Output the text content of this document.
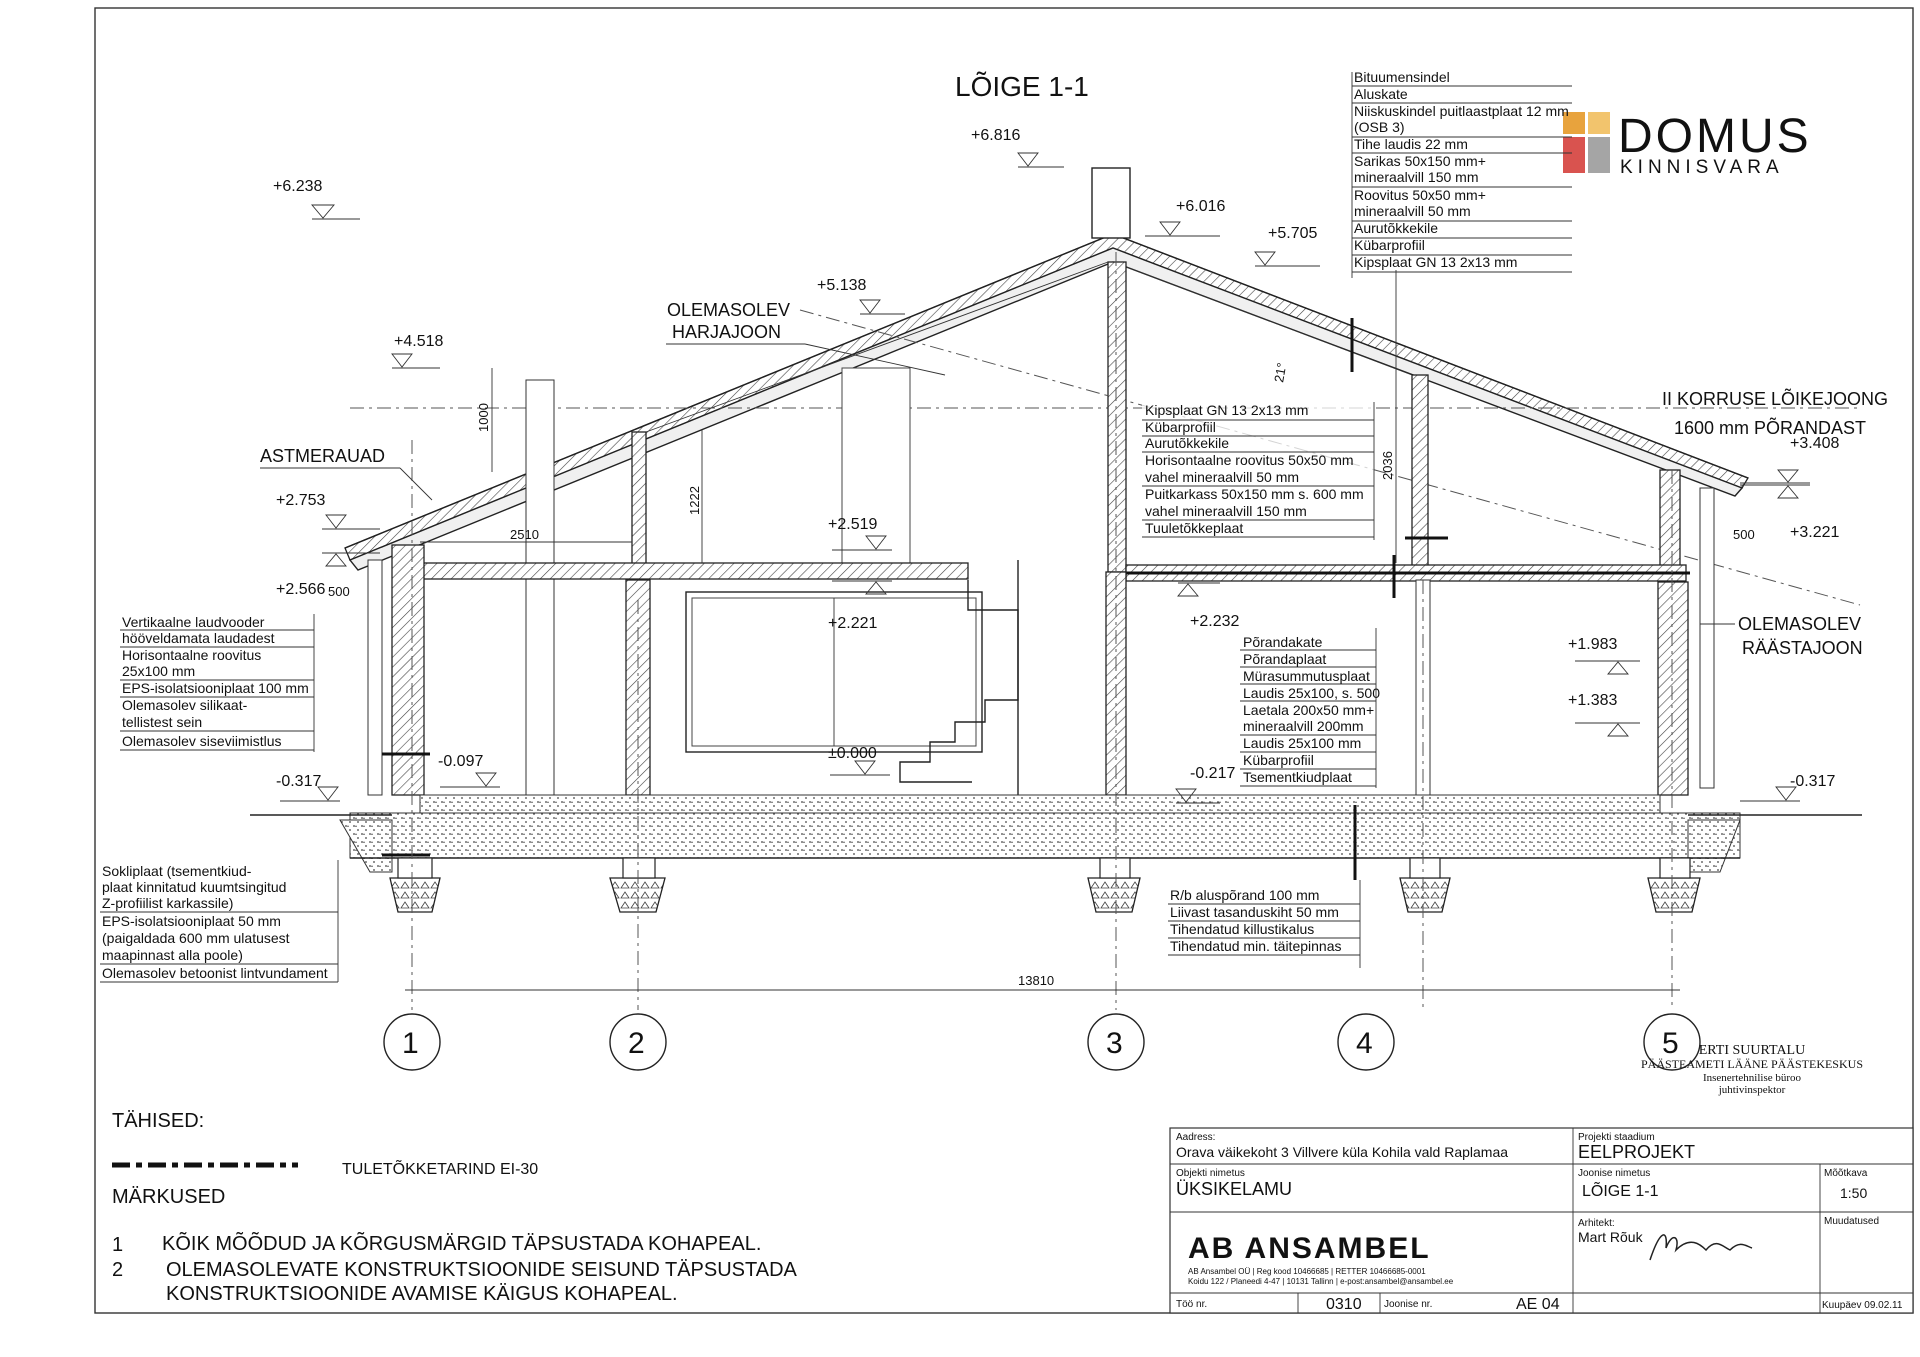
13810
1	2	3	4	5
LÕIGE 1-1
DOMUS
KINNISVARA
+6.238
+6.816
+6.016
+5.705
+5.138
+4.518
+3.408
+3.221
+2.753
+2.566
+2.519
+2.221	+2.232
+1.983
+1.383
-0.097
-0.317	-0.317
-0.217
±0.000
1000
1222
2036
2510
500
500
21°
OLEMASOLEV
HARJAJOON
ASTMERAUAD
II KORRUSE LÕIKEJOONG
1600 mm PÕRANDAST
OLEMASOLEV
RÄÄSTAJOON
Bituumensindel
Aluskate
Niiskuskindel puitlaastplaat 12 mm
(OSB 3)
Tihe laudis 22 mm
Sarikas 50x150 mm+
mineraalvill 150 mm
Roovitus 50x50 mm+
mineraalvill 50 mm
Aurutõkkekile
Kübarprofiil
Kipsplaat GN 13 2x13 mm
Kipsplaat GN 13 2x13 mm
Kübarprofiil
Aurutõkkekile
Horisontaalne roovitus 50x50 mm
vahel mineraalvill 50 mm
Puitkarkass 50x150 mm s. 600 mm
vahel mineraalvill 150 mm
Tuuletõkkeplaat
Põrandakate
Põrandaplaat
Mürasummutusplaat
Laudis 25x100, s. 500
Laetala 200x50 mm+
mineraalvill 200mm
Laudis 25x100 mm
Kübarprofiil
Tsementkiudplaat
R/b aluspõrand 100 mm
Liivast tasanduskiht 50 mm
Tihendatud killustikalus
Tihendatud min. täitepinnas
Vertikaalne laudvooder
hööveldamata laudadest
Horisontaalne roovitus
25x100 mm
EPS-isolatsiooniplaat 100 mm
Olemasolev silikaat-
tellistest sein
Olemasolev siseviimistlus
Sokliplaat (tsementkiud-
plaat kinnitatud kuumtsingitud
Z-profiilist karkassile)
EPS-isolatsiooniplaat 50 mm
(paigaldada 600 mm ulatusest
maapinnast alla poole)
Olemasolev betoonist lintvundament
ERTI SUURTALU
PÄÄSTEAMETI LÄÄNE PÄÄSTEKESKUS
Insenertehnilise büroo
juhtivinspektor
TÄHISED:
TULETÕKKETARIND EI-30
MÄRKUSED
1 KÕIK MÕÕDUD JA KÕRGUSMÄRGID TÄPSUSTADA KOHAPEAL.
2 OLEMASOLEVATE KONSTRUKTSIOONIDE SEISUND TÄPSUSTADA
KONSTRUKTSIOONIDE AVAMISE KÄIGUS KOHAPEAL.
Aadress:
Orava väikekoht 3 Villvere küla Kohila vald Raplamaa
Projekti staadium
EELPROJEKT
Objekti nimetus
ÜKSIKELAMU
Joonise nimetus
LÕIGE 1-1
Mõõtkava
1:50
Arhitekt:
Mart Rõuk
Muudatused
AB ANSAMBEL
AB Ansambel OÜ | Reg kood 10466685 | RETTER 10466685-0001
Koidu 122 / Planeedi 4-47 | 10131 Tallinn | e-post:ansambel@ansambel.ee
Töö nr.	0310 Joonise nr.	AE 04	Kuupäev 09.02.11
